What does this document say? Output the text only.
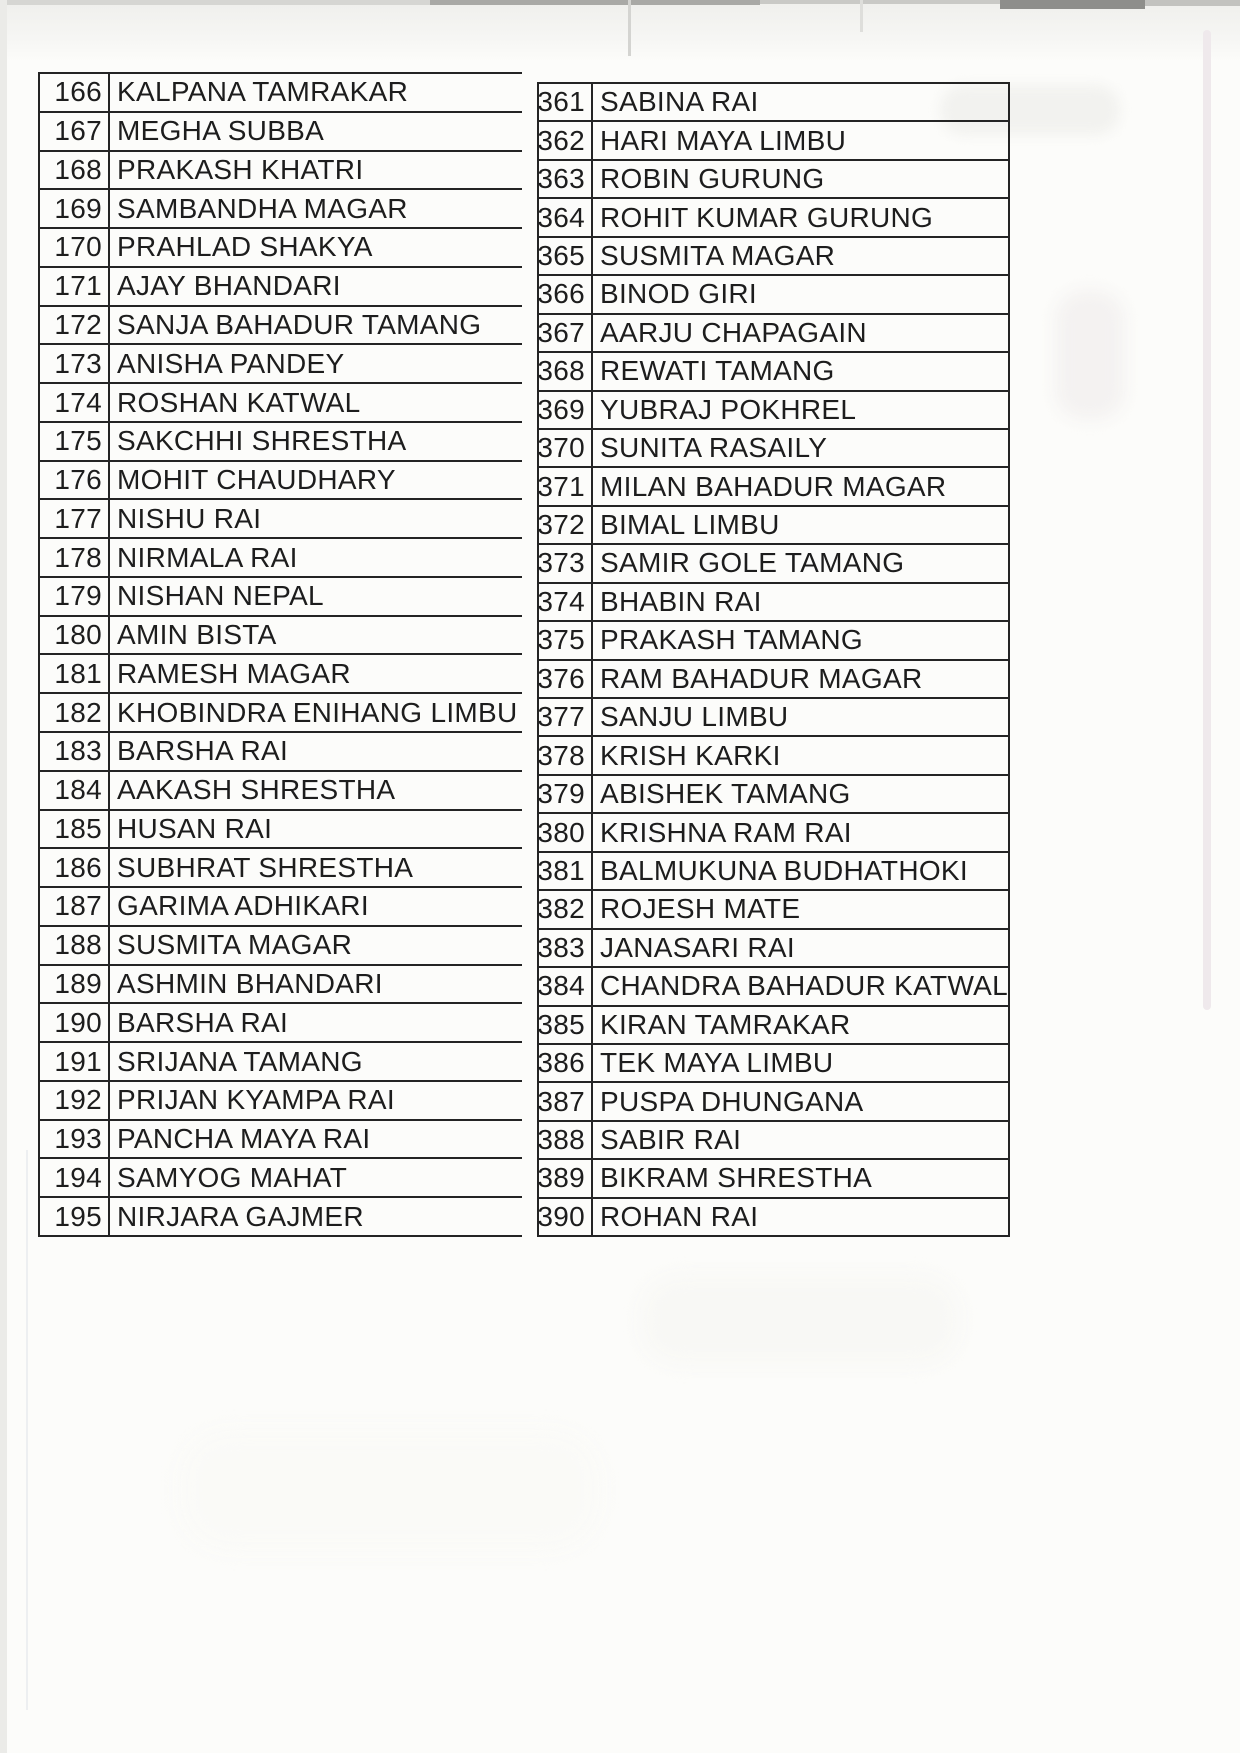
166 KALPANA TAMRAKAR
167 MEGHA SUBBA
168 PRAKASH KHATRI
169 SAMBANDHA MAGAR
170 PRAHLAD SHAKYA
171 AJAY BHANDARI
172 SANJA BAHADUR TAMANG
173 ANISHA PANDEY
174 ROSHAN KATWAL
175 SAKCHHI SHRESTHA
176 MOHIT CHAUDHARY
177 NISHU RAI
178 NIRMALA RAI
179 NISHAN NEPAL
180 AMIN BISTA
181 RAMESH MAGAR
182 KHOBINDRA ENIHANG LIMBU
183 BARSHA RAI
184 AAKASH SHRESTHA
185 HUSAN RAI
186 SUBHRAT SHRESTHA
187 GARIMA ADHIKARI
188 SUSMITA MAGAR
189 ASHMIN BHANDARI
190 BARSHA RAI
191 SRIJANA TAMANG
192 PRIJAN KYAMPA RAI
193 PANCHA MAYA RAI
194 SAMYOG MAHAT
195 NIRJARA GAJMER
361 SABINA RAI
362 HARI MAYA LIMBU
363 ROBIN GURUNG
364 ROHIT KUMAR GURUNG
365 SUSMITA MAGAR
366 BINOD GIRI
367 AARJU CHAPAGAIN
368 REWATI TAMANG
369 YUBRAJ POKHREL
370 SUNITA RASAILY
371 MILAN BAHADUR MAGAR
372 BIMAL LIMBU
373 SAMIR GOLE TAMANG
374 BHABIN RAI
375 PRAKASH TAMANG
376 RAM BAHADUR MAGAR
377 SANJU LIMBU
378 KRISH KARKI
379 ABISHEK TAMANG
380 KRISHNA RAM RAI
381 BALMUKUNA BUDHATHOKI
382 ROJESH MATE
383 JANASARI RAI
384 CHANDRA BAHADUR KATWAL
385 KIRAN TAMRAKAR
386 TEK MAYA LIMBU
387 PUSPA DHUNGANA
388 SABIR RAI
389 BIKRAM SHRESTHA
390 ROHAN RAI
